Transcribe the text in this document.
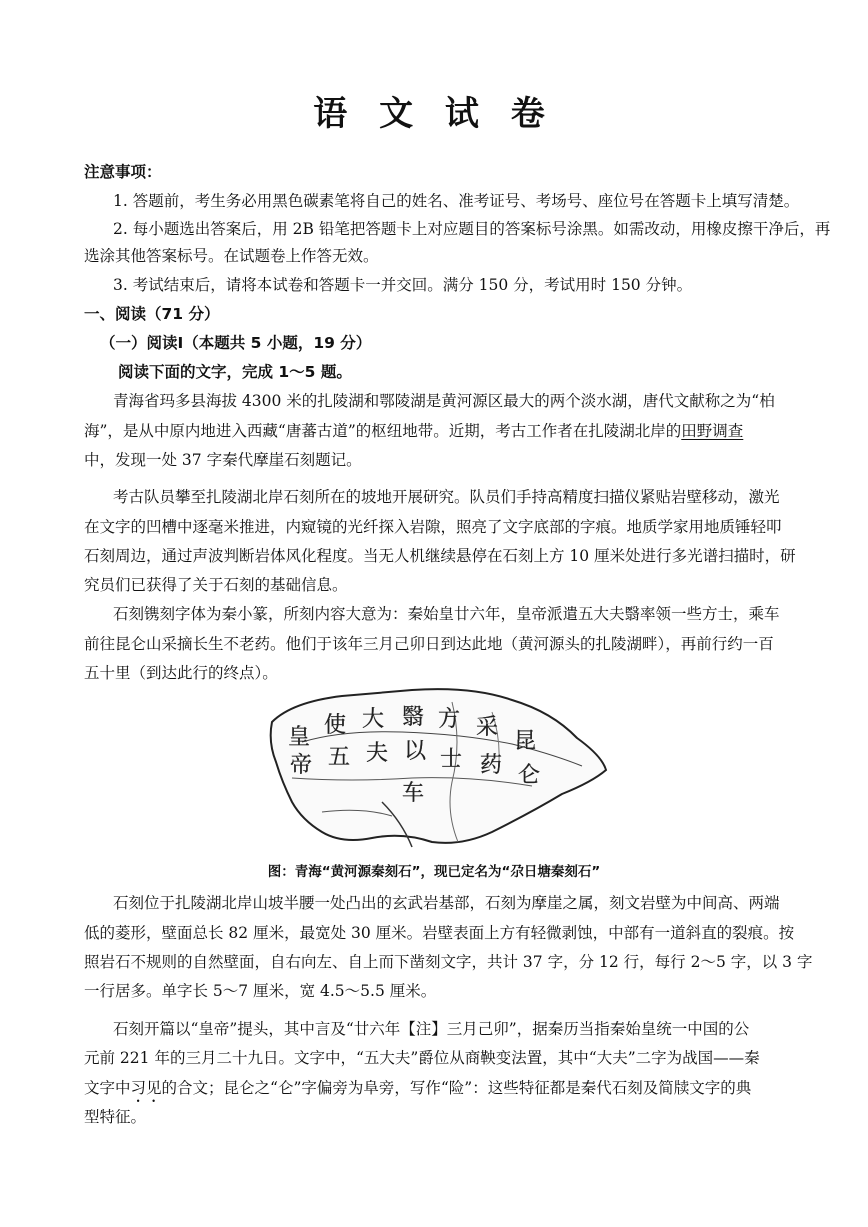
语 文 试 卷
注意事项：
1. 答题前，考生务必用黑色碳素笔将自己的姓名、准考证号、考场号、座位号在答题卡上填写清楚。
2. 每小题选出答案后，用 2B 铅笔把答题卡上对应题目的答案标号涂黑。如需改动，用橡皮擦干净后，再
选涂其他答案标号。在试题卷上作答无效。
3. 考试结束后，请将本试卷和答题卡一并交回。满分 150 分，考试用时 150 分钟。
一、阅读（71 分）
（一）阅读Ⅰ（本题共 5 小题，19 分）
阅读下面的文字，完成 1～5 题。
青海省玛多县海拔 4300 米的扎陵湖和鄂陵湖是黄河源区最大的两个淡水湖，唐代文献称之为“柏
海”，是从中原内地进入西藏“唐蕃古道”的枢纽地带。近期，考古工作者在扎陵湖北岸的田野调查
中，发现一处 37 字秦代摩崖石刻题记。
考古队员攀至扎陵湖北岸石刻所在的坡地开展研究。队员们手持高精度扫描仪紧贴岩壁移动，激光
在文字的凹槽中逐毫米推进，内窥镜的光纤探入岩隙，照亮了文字底部的字痕。地质学家用地质锤轻叩
石刻周边，通过声波判断岩体风化程度。当无人机继续悬停在石刻上方 10 厘米处进行多光谱扫描时，研
究员们已获得了关于石刻的基础信息。
石刻镌刻字体为秦小篆，所刻内容大意为：秦始皇廿六年，皇帝派遣五大夫翳率领一些方士，乘车
前往昆仑山采摘长生不老药。他们于该年三月己卯日到达此地（黄河源头的扎陵湖畔），再前行约一百
五十里（到达此行的终点）。
皇
帝
使
五
大
夫
翳
以
方
士
采
药
昆
仑
车
图：青海“黄河源秦刻石”，现已定名为“尕日塘秦刻石”
石刻位于扎陵湖北岸山坡半腰一处凸出的玄武岩基部，石刻为摩崖之属，刻文岩壁为中间高、两端
低的菱形，壁面总长 82 厘米，最宽处 30 厘米。岩壁表面上方有轻微剥蚀，中部有一道斜直的裂痕。按
照岩石不规则的自然壁面，自右向左、自上而下凿刻文字，共计 37 字，分 12 行，每行 2～5 字，以 3 字
一行居多。单字长 5～7 厘米，宽 4.5～5.5 厘米。
石刻开篇以“皇帝”提头，其中言及“廿六年【注】三月己卯”，据秦历当指秦始皇统一中国的公
元前 221 年的三月二十九日。文字中，“五大夫”爵位从商鞅变法置，其中“大夫”二字为战国——秦
文字中习见的合文；昆仑之“仑”字偏旁为阜旁，写作“险”：这些特征都是秦代石刻及简牍文字的典
型特征。
